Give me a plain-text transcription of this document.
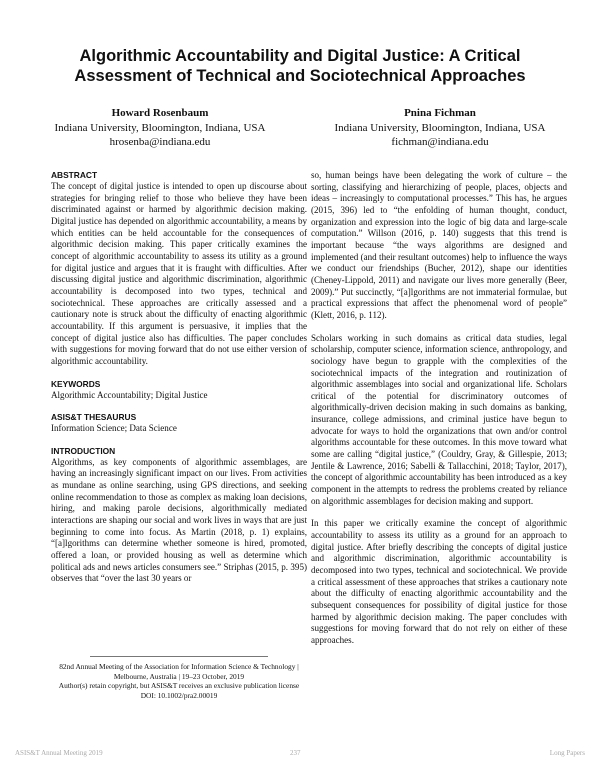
Algorithmic Accountability and Digital Justice: A Critical Assessment of Technical and Sociotechnical Approaches
Howard Rosenbaum
Indiana University, Bloomington, Indiana, USA
hrosenba@indiana.edu
Pnina Fichman
Indiana University, Bloomington, Indiana, USA
fichman@indiana.edu
ABSTRACT

The concept of digital justice is intended to open up discourse about strategies for bringing relief to those who believe they have been discriminated against or harmed by algorithmic decision making. Digital justice has depended on algorithmic accountability, a means by which entities can be held accountable for the consequences of algorithmic decision making. This paper critically examines the concept of algorithmic accountability to assess its utility as a ground for digital justice and argues that it is fraught with difficulties. After discussing digital justice and algorithmic discrimination, algorithmic accountability is decomposed into two types, technical and sociotechnical. These approaches are critically assessed and a cautionary note is struck about the difficulty of enacting algorithmic accountability. If this argument is persuasive, it implies that the concept of digital justice also has difficulties. The paper concludes with suggestions for moving forward that do not use either version of algorithmic accountability.

KEYWORDS

Algorithmic Accountability; Digital Justice

ASIS&T THESAURUS

Information Science; Data Science

INTRODUCTION

Algorithms, as key components of algorithmic assemblages, are having an increasingly significant impact on our lives. From activities as mundane as online searching, using GPS directions, and seeking online recommendation to those as complex as making loan decisions, hiring, and making parole decisions, algorithmically mediated interactions are shaping our social and work lives in ways that are just beginning to come into focus. As Martin (2018, p. 1) explains, “[a]lgorithms can determine whether someone is hired, promoted, offered a loan, or provided housing as well as determine which political ads and news articles consumers see.” Striphas (2015, p. 395) observes that “over the last 30 years or

82nd Annual Meeting of the Association for Information Science & Technology | Melbourne, Australia | 19–23 October, 2019
Author(s) retain copyright, but ASIS&T receives an exclusive publication license
DOI: 10.1002/pra2.00019

so, human beings have been delegating the work of culture – the sorting, classifying and hierarchizing of people, places, objects and ideas – increasingly to computational processes.” This has, he argues (2015, 396) led to “the enfolding of human thought, conduct, organization and expression into the logic of big data and large-scale computation.” Willson (2016, p. 140) suggests that this trend is important because “the ways algorithms are designed and implemented (and their resultant outcomes) help to influence the ways we conduct our friendships (Bucher, 2012), shape our identities (Cheney-Lippold, 2011) and navigate our lives more generally (Beer, 2009).” Put succinctly, “[a]lgorithms are not immaterial formulae, but practical expressions that affect the phenomenal word of people” (Klett, 2016, p. 112).

Scholars working in such domains as critical data studies, legal scholarship, computer science, information science, anthropology, and sociology have begun to grapple with the complexities of the sociotechnical impacts of the integration and routinization of algorithmic assemblages into social and organizational life. Scholars critical of the potential for discriminatory outcomes of algorithmically-driven decision making in such domains as banking, insurance, college admissions, and criminal justice have begun to advocate for ways to hold the organizations that own and/or control algorithms accountable for these outcomes. In this move toward what some are calling “digital justice,” (Couldry, Gray, & Gillespie, 2013; Jentile & Lawrence, 2016; Sabelli & Tallacchini, 2018; Taylor, 2017), the concept of algorithmic accountability has been introduced as a key component in the attempts to redress the problems created by reliance on algorithmic assemblages for decision making and support.

In this paper we critically examine the concept of algorithmic accountability to assess its utility as a ground for an approach to digital justice. After briefly describing the concepts of digital justice and algorithmic discrimination, algorithmic accountability is decomposed into two types, technical and sociotechnical. We provide a critical assessment of these approaches that strikes a cautionary note about the difficulty of enacting algorithmic accountability and the subsequent consequences for possibility of digital justice for those harmed by algorithmic decision making. The paper concludes with suggestions for moving forward that do not rely on either of these approaches.

ASIS&T Annual Meeting 2019	237	Long Papers
